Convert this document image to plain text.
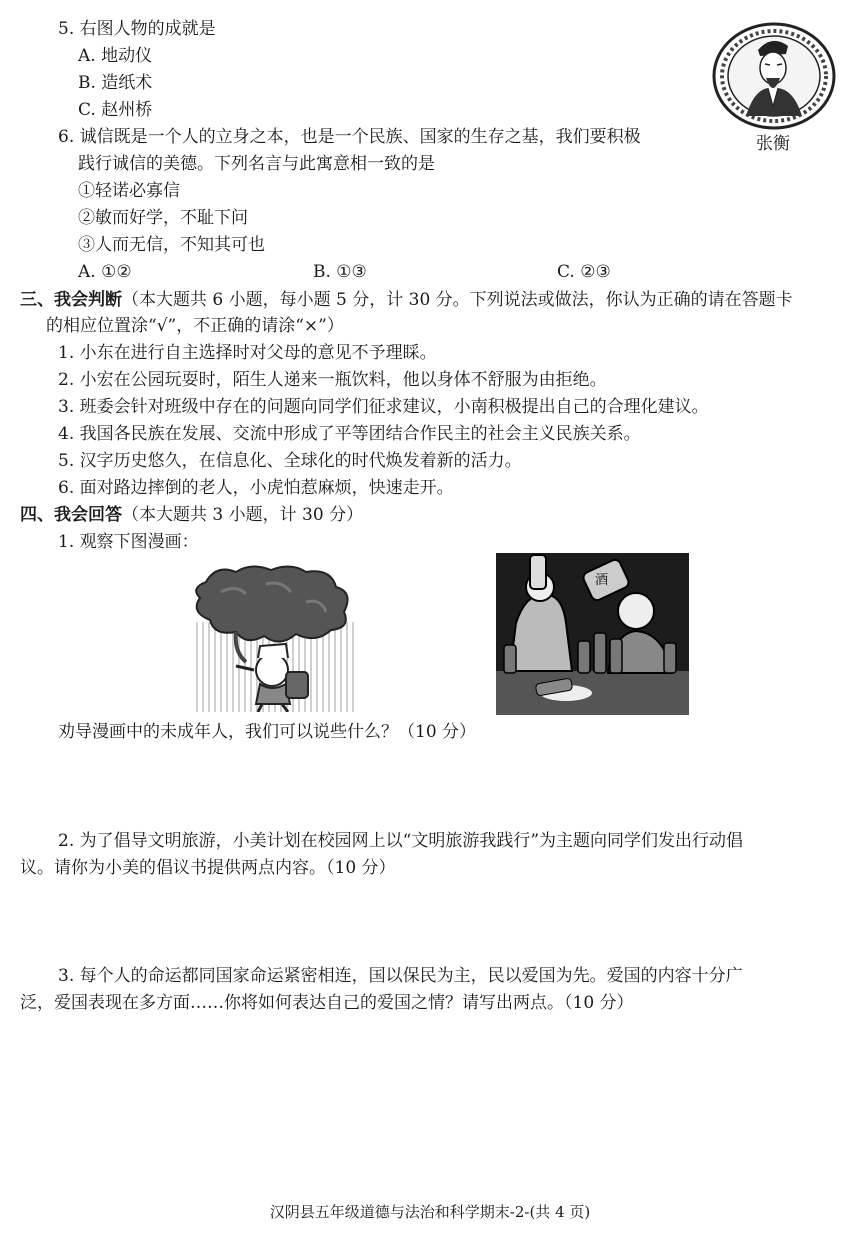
5. 右图人物的成就是
A. 地动仪
B. 造纸术
C. 赵州桥
张衡
6. 诚信既是一个人的立身之本，也是一个民族、国家的生存之基，我们要积极
践行诚信的美德。下列名言与此寓意相一致的是
①轻诺必寡信
②敏而好学，不耻下问
③人而无信，不知其可也
A. ①②	B. ①③	C. ②③
三、我会判断（本大题共 6 小题，每小题 5 分，计 30 分。下列说法或做法，你认为正确的请在答题卡
的相应位置涂“√”，不正确的请涂“×”）
1. 小东在进行自主选择时对父母的意见不予理睬。
2. 小宏在公园玩耍时，陌生人递来一瓶饮料，他以身体不舒服为由拒绝。
3. 班委会针对班级中存在的问题向同学们征求建议，小南积极提出自己的合理化建议。
4. 我国各民族在发展、交流中形成了平等团结合作民主的社会主义民族关系。
5. 汉字历史悠久，在信息化、全球化的时代焕发着新的活力。
6. 面对路边摔倒的老人，小虎怕惹麻烦，快速走开。
四、我会回答（本大题共 3 小题，计 30 分）
1. 观察下图漫画：
酒
劝导漫画中的未成年人，我们可以说些什么？（10 分）
2. 为了倡导文明旅游，小美计划在校园网上以“文明旅游我践行”为主题向同学们发出行动倡
议。请你为小美的倡议书提供两点内容。（10 分）
3. 每个人的命运都同国家命运紧密相连，国以保民为主，民以爱国为先。爱国的内容十分广
泛，爱国表现在多方面……你将如何表达自己的爱国之情？请写出两点。（10 分）
汉阴县五年级道德与法治和科学期末-2-(共 4 页)
